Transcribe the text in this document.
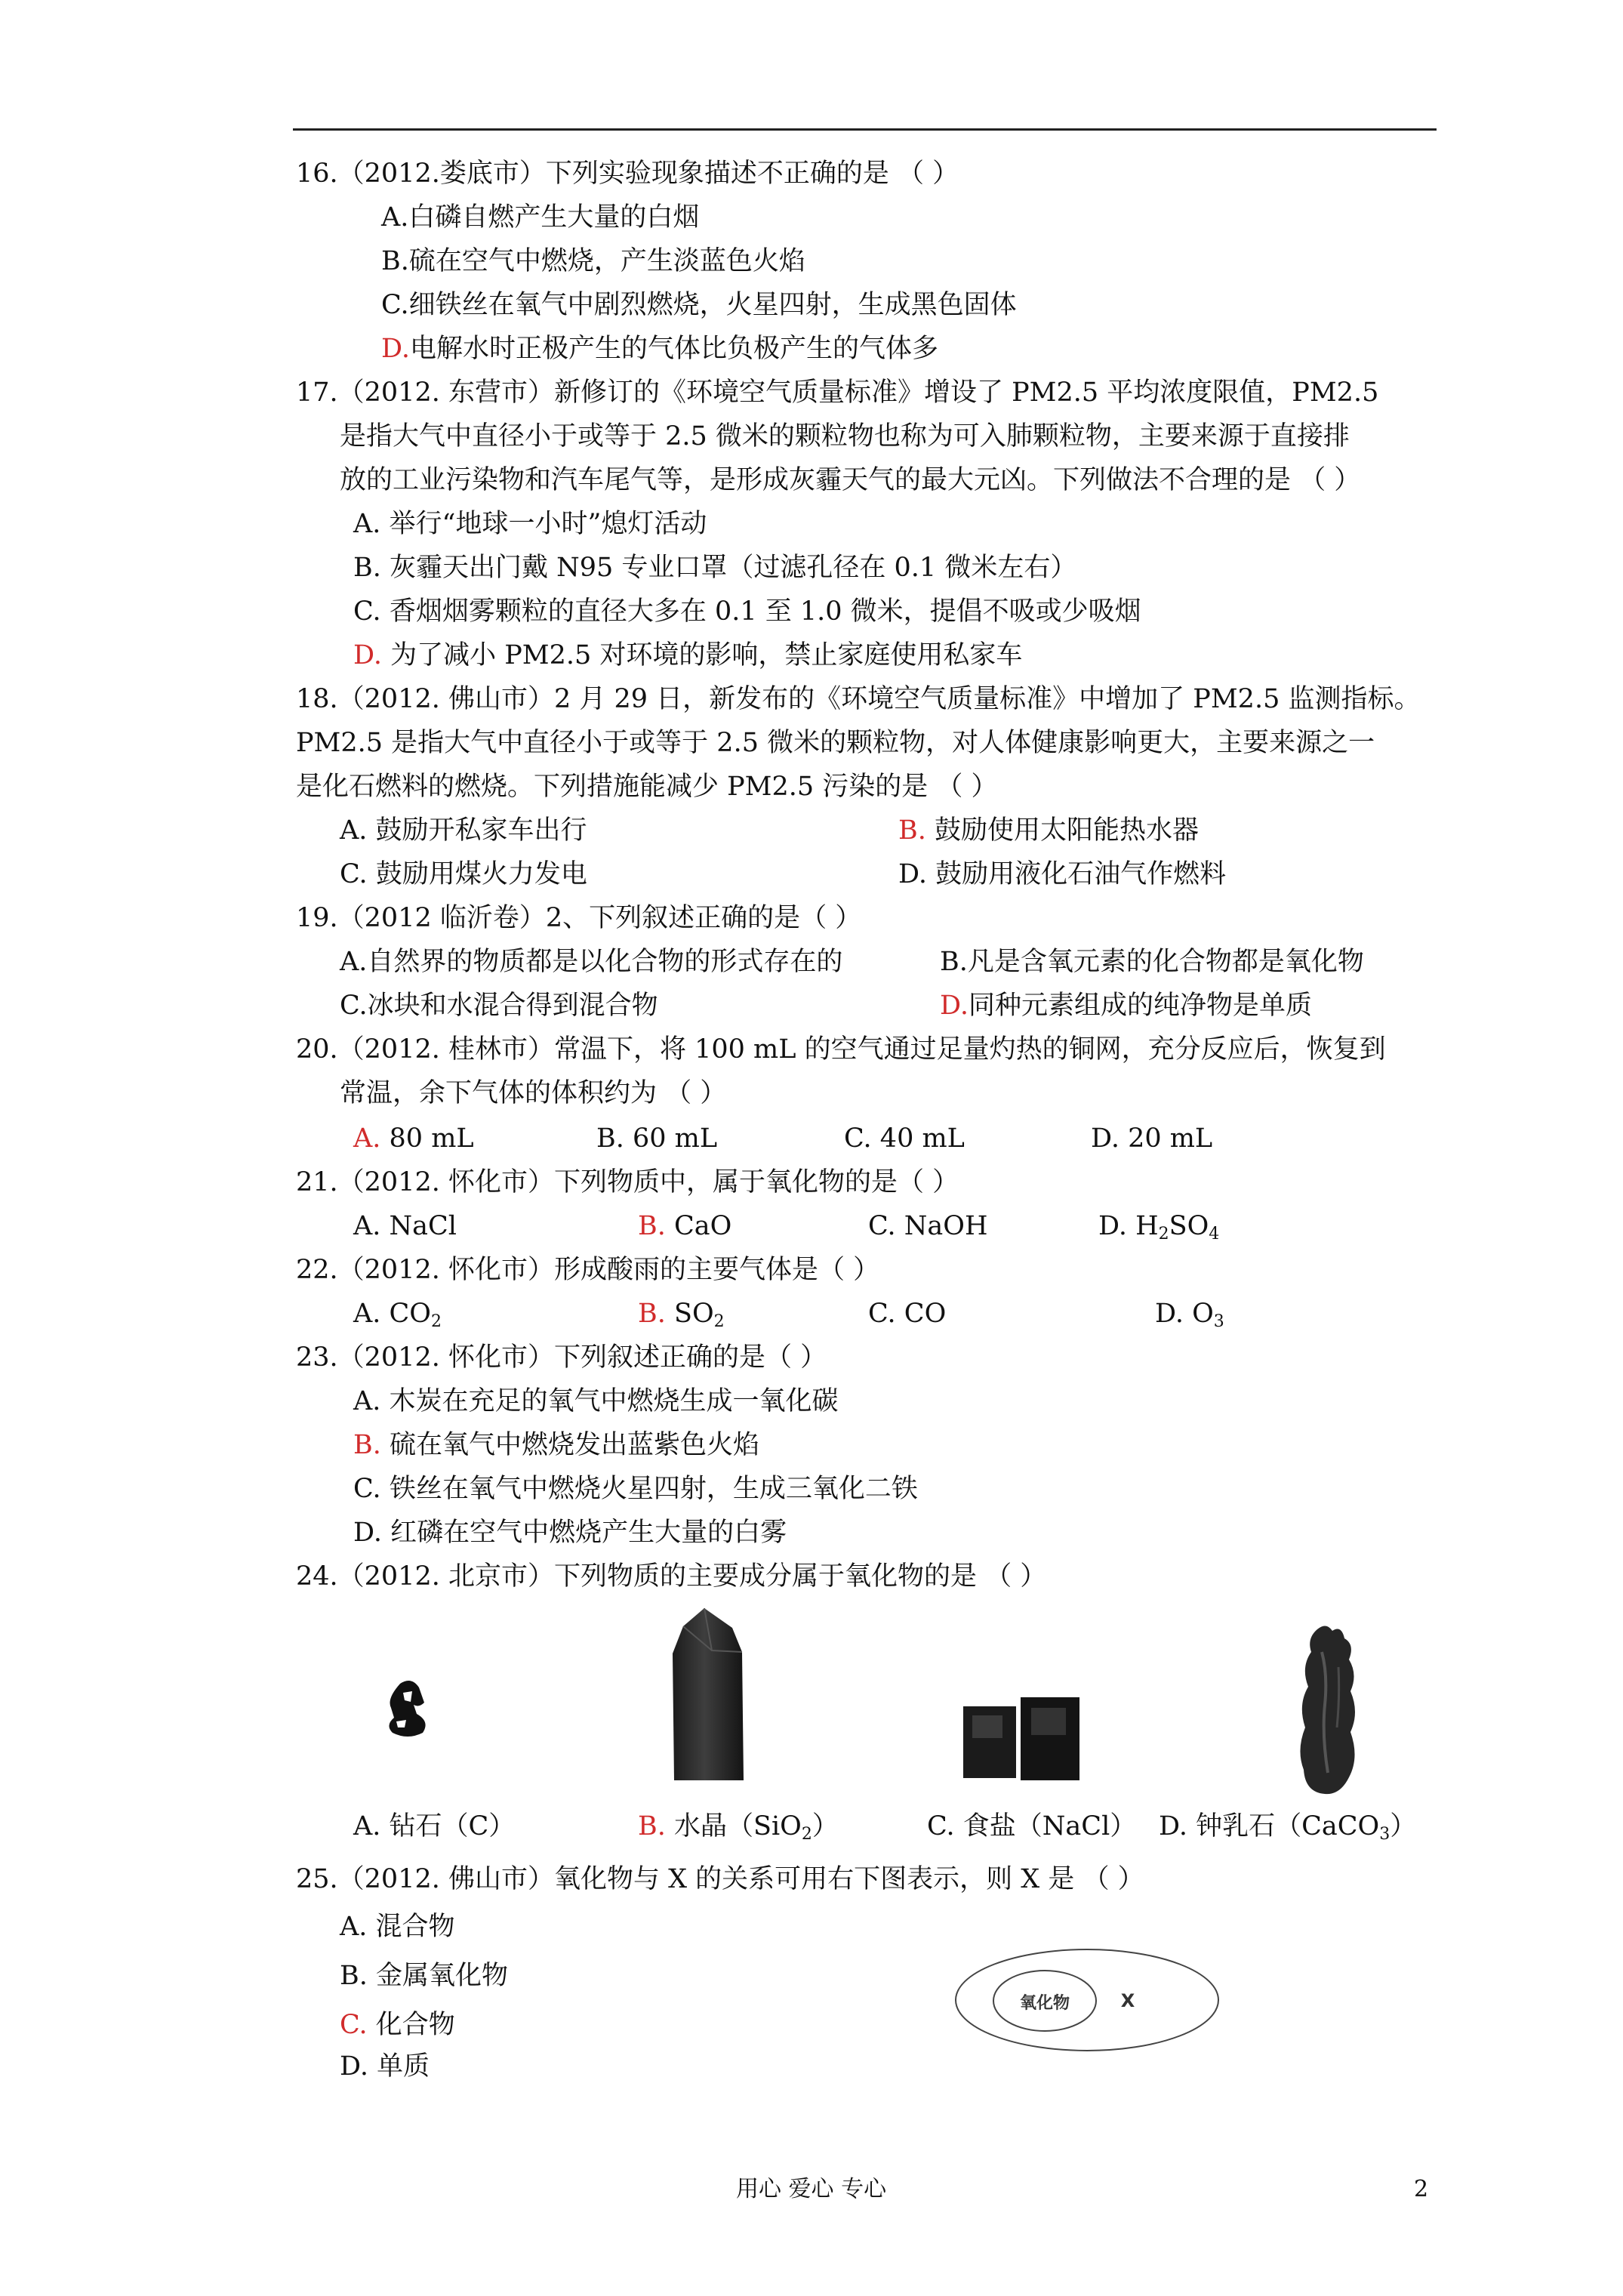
16.（2012.娄底市）下列实验现象描述不正确的是 （ ）
A.白磷自燃产生大量的白烟
B.硫在空气中燃烧，产生淡蓝色火焰
C.细铁丝在氧气中剧烈燃烧，火星四射，生成黑色固体
D.电解水时正极产生的气体比负极产生的气体多
17.（2012. 东营市）新修订的《环境空气质量标准》增设了 PM2.5 平均浓度限值，PM2.5
是指大气中直径小于或等于 2.5 微米的颗粒物也称为可入肺颗粒物，主要来源于直接排
放的工业污染物和汽车尾气等，是形成灰霾天气的最大元凶。下列做法不合理的是 （ ）
A. 举行“地球一小时”熄灯活动
B. 灰霾天出门戴 N95 专业口罩（过滤孔径在 0.1 微米左右）
C. 香烟烟雾颗粒的直径大多在 0.1 至 1.0 微米，提倡不吸或少吸烟
D. 为了减小 PM2.5 对环境的影响，禁止家庭使用私家车
18.（2012. 佛山市）2 月 29 日，新发布的《环境空气质量标准》中增加了 PM2.5 监测指标。
PM2.5 是指大气中直径小于或等于 2.5 微米的颗粒物，对人体健康影响更大，主要来源之一
是化石燃料的燃烧。下列措施能减少 PM2.5 污染的是 （ ）
A. 鼓励开私家车出行	B. 鼓励使用太阳能热水器
C. 鼓励用煤火力发电	D. 鼓励用液化石油气作燃料
19.（2012 临沂卷）2、下列叙述正确的是（ ）
A.自然界的物质都是以化合物的形式存在的	B.凡是含氧元素的化合物都是氧化物
C.冰块和水混合得到混合物	D.同种元素组成的纯净物是单质
20.（2012. 桂林市）常温下，将 100 mL 的空气通过足量灼热的铜网，充分反应后，恢复到
常温，余下气体的体积约为 （ ）
A. 80 mL	B. 60 mL	C. 40 mL	D. 20 mL
21.（2012. 怀化市）下列物质中，属于氧化物的是（ ）
A. NaCl	B. CaO	C. NaOH	D. $H_2SO_4$
22.（2012. 怀化市）形成酸雨的主要气体是（ ）
A. $CO_2$	B. $SO_2$	C. CO	D. $O_3$
23.（2012. 怀化市）下列叙述正确的是（ ）
A. 木炭在充足的氧气中燃烧生成一氧化碳
B. 硫在氧气中燃烧发出蓝紫色火焰
C. 铁丝在氧气中燃烧火星四射，生成三氧化二铁
D. 红磷在空气中燃烧产生大量的白雾
24.（2012. 北京市）下列物质的主要成分属于氧化物的是 （ ）
A. 钻石（C）	B. 水晶（SiO$_2$）	C. 食盐（NaCl） D. 钟乳石（CaCO$_3$）
25.（2012. 佛山市）氧化物与 X 的关系可用右下图表示，则 X 是 （ ）
A. 混合物
B. 金属氧化物
C. 化合物
D. 单质
氧化物	X
用心 爱心 专心	2
